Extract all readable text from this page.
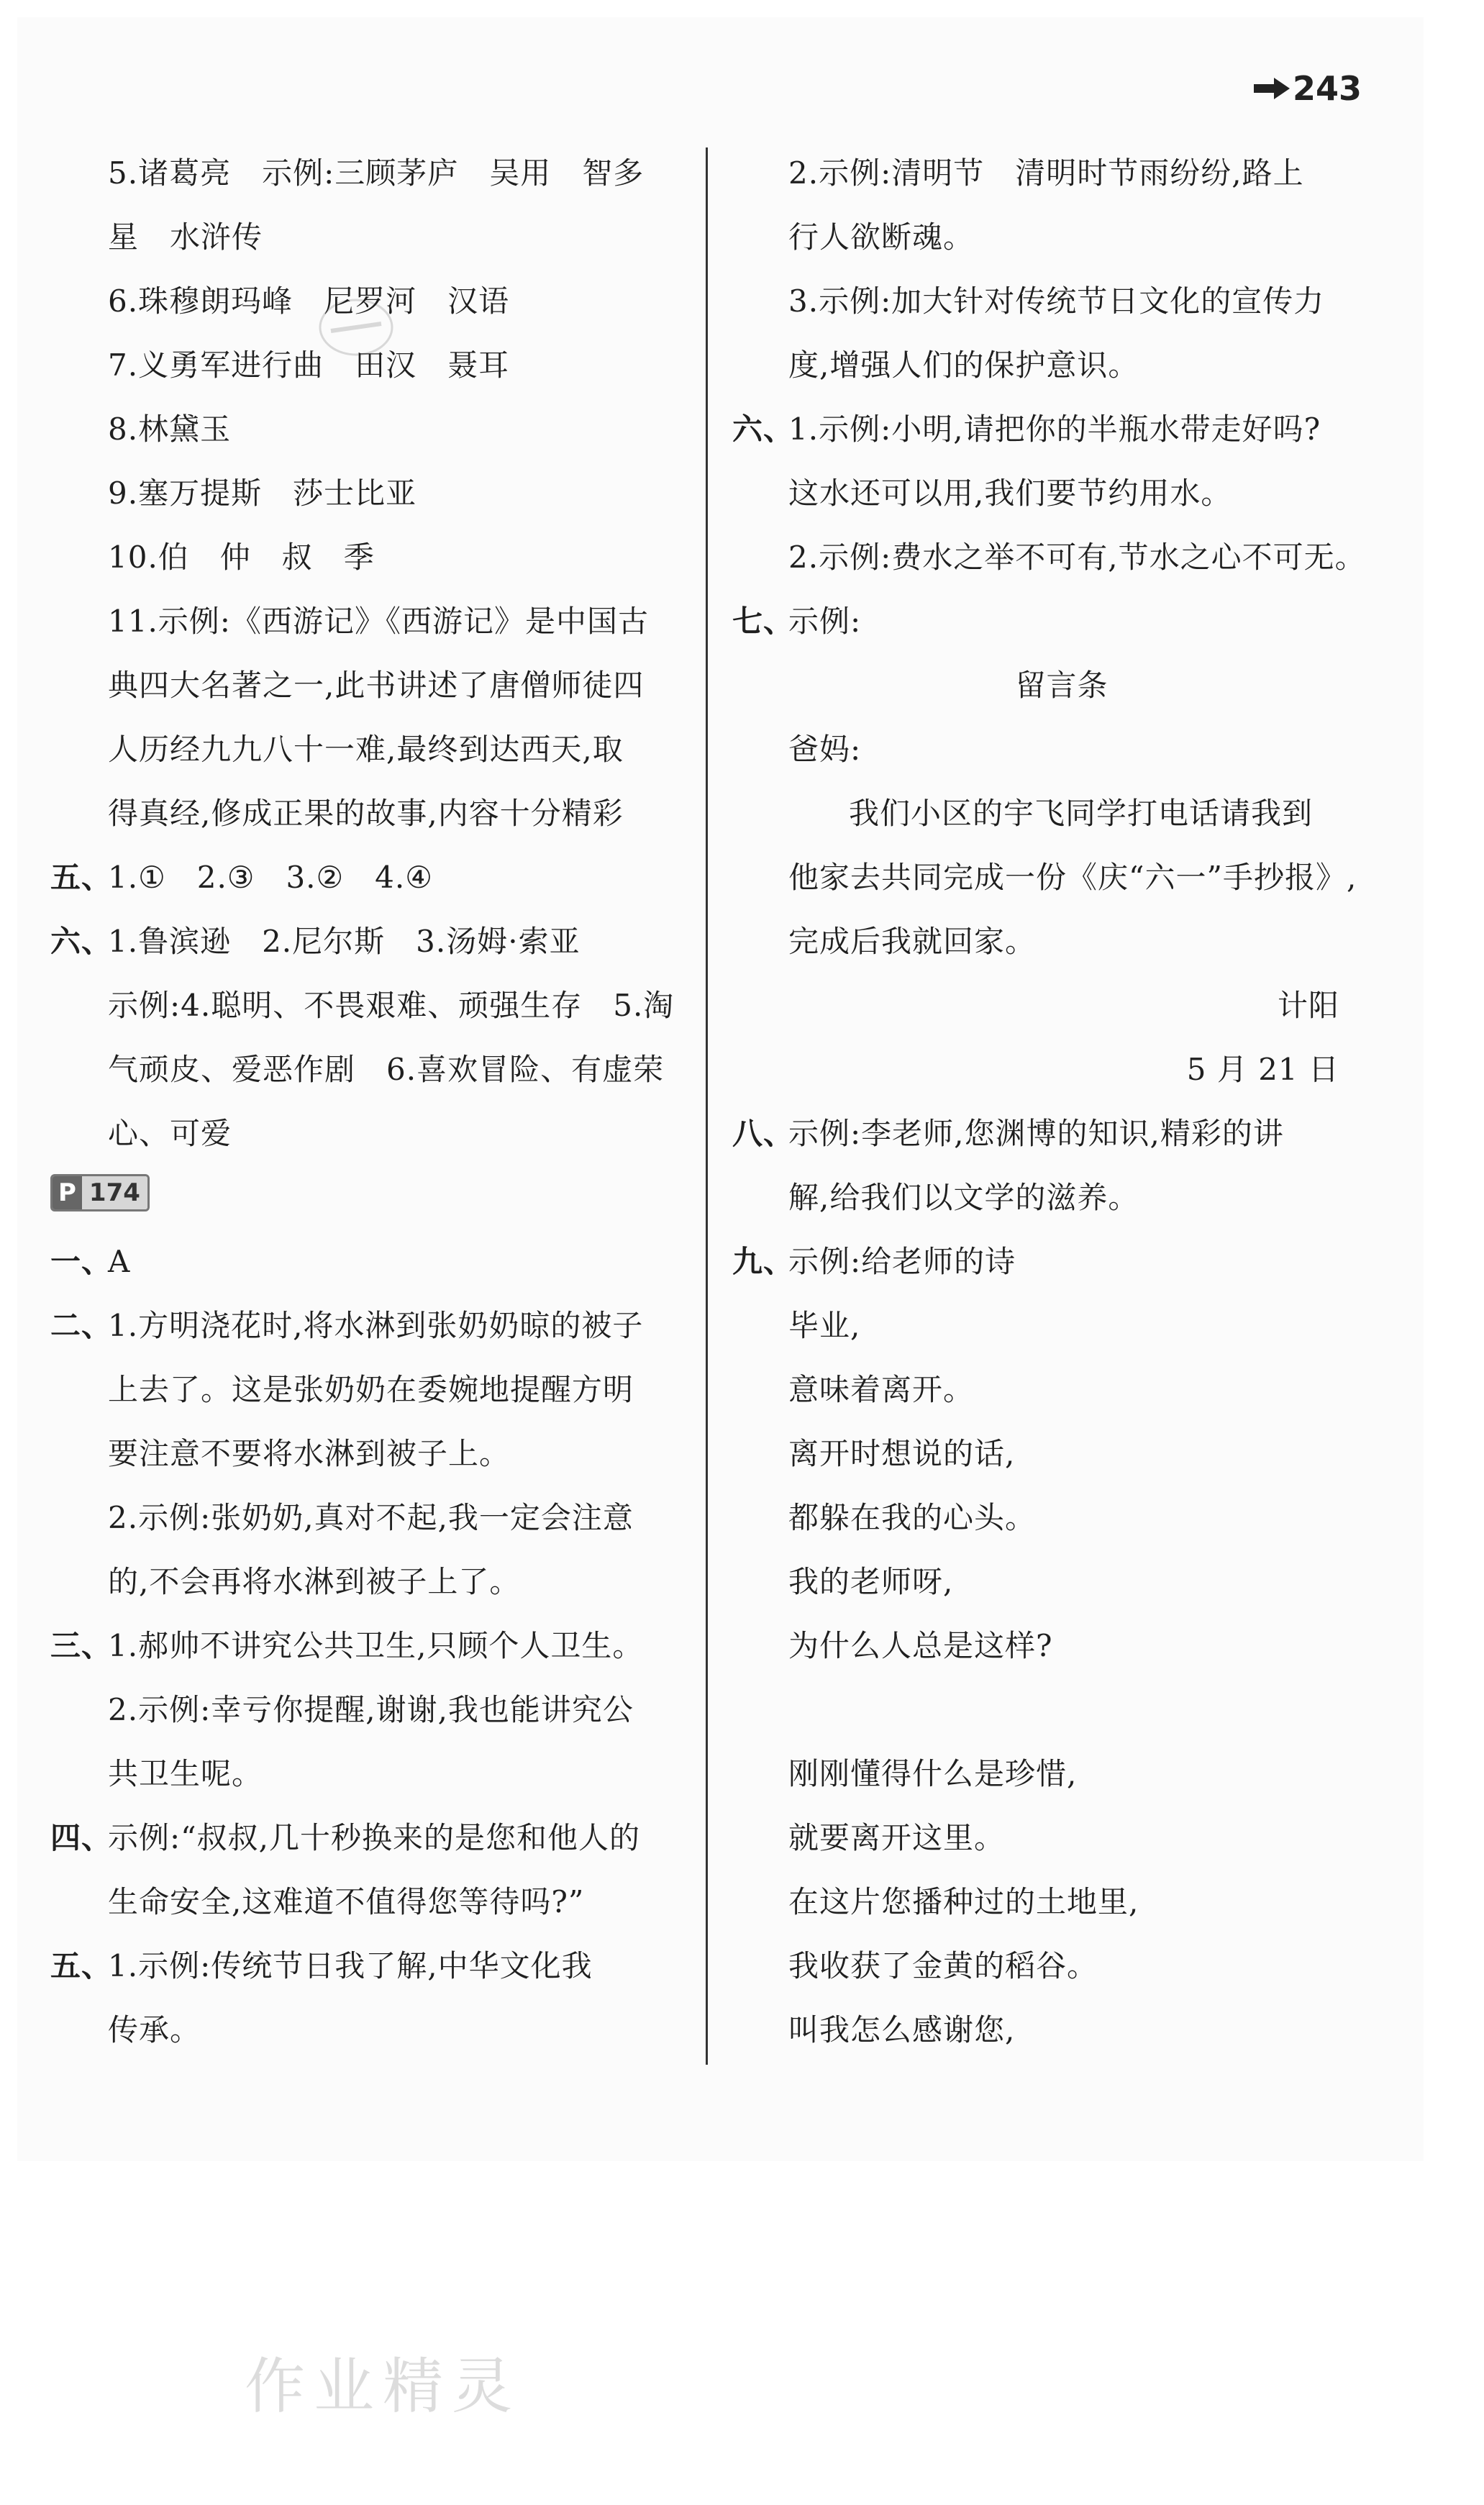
243
5.诸葛亮　示例:三顾茅庐　吴用　智多
星　水浒传
6.珠穆朗玛峰　尼罗河　汉语
7.义勇军进行曲　田汉　聂耳
8.林黛玉
9.塞万提斯　莎士比亚
10.伯　仲　叔　季
11.示例:《西游记》《西游记》是中国古
典四大名著之一,此书讲述了唐僧师徒四
人历经九九八十一难,最终到达西天,取
得真经,修成正果的故事,内容十分精彩
五、
1.①　2.③　3.②　4.④
六、
1.鲁滨逊　2.尼尔斯　3.汤姆·索亚
示例:4.聪明、不畏艰难、顽强生存　5.淘
气顽皮、爱恶作剧　6.喜欢冒险、有虚荣
心、可爱
P 174
一、
A
二、
1.方明浇花时,将水淋到张奶奶晾的被子
上去了。这是张奶奶在委婉地提醒方明
要注意不要将水淋到被子上。
2.示例:张奶奶,真对不起,我一定会注意
的,不会再将水淋到被子上了。
三、
1.郝帅不讲究公共卫生,只顾个人卫生。
2.示例:幸亏你提醒,谢谢,我也能讲究公
共卫生呢。
四、
示例:“叔叔,几十秒换来的是您和他人的
生命安全,这难道不值得您等待吗?”
五、
1.示例:传统节日我了解,中华文化我
传承。
2.示例:清明节　清明时节雨纷纷,路上
行人欲断魂。
3.示例:加大针对传统节日文化的宣传力
度,增强人们的保护意识。
六、
1.示例:小明,请把你的半瓶水带走好吗?
这水还可以用,我们要节约用水。
2.示例:费水之举不可有,节水之心不可无。
七、
示例:
留言条
爸妈:
我们小区的宇飞同学打电话请我到
他家去共同完成一份《庆“六一”手抄报》,
完成后我就回家。
计阳
5 月 21 日
八、
示例:李老师,您渊博的知识,精彩的讲
解,给我们以文学的滋养。
九、
示例:给老师的诗
毕业,
意味着离开。
离开时想说的话,
都躲在我的心头。
我的老师呀,
为什么人总是这样?
刚刚懂得什么是珍惜,
就要离开这里。
在这片您播种过的土地里,
我收获了金黄的稻谷。
叫我怎么感谢您,
作业精灵
